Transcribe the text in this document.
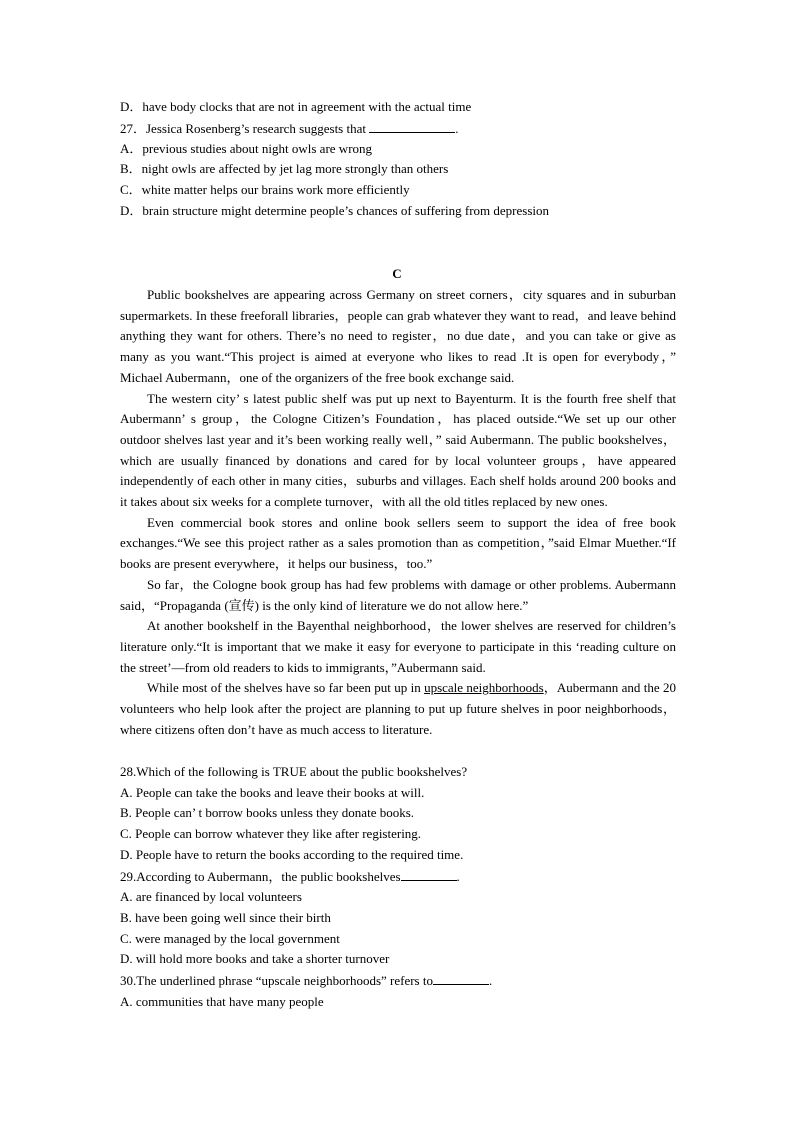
D．have body clocks that are not in agreement with the actual time
27．Jessica Rosenberg’s research suggests that	.
A．previous studies about night owls are wrong
B．night owls are affected by jet lag more strongly than others
C．white matter helps our brains work more efficiently
D．brain structure might determine people’s chances of suffering from depression
C

Public bookshelves are appearing across Germany on street corners，city squares and in suburban supermarkets. In these freeforall libraries，people can grab whatever they want to read，and leave behind anything they want for others. There’s no need to register，no due date，and you can take or give as many as you want.“This project is aimed at everyone who likes to read .It is open for everybody，” Michael Aubermann，one of the organizers of the free book exchange said.

The western city’ s latest public shelf was put up next to Bayenturm. It is the fourth free shelf that Aubermann’ s group，the Cologne Citizen’s Foundation，has placed outside.“We set up our other outdoor shelves last year and it’s been working really well，” said Aubermann. The public bookshelves，which are usually financed by donations and cared for by local volunteer groups，have appeared independently of each other in many cities，suburbs and villages. Each shelf holds around 200 books and it takes about six weeks for a complete turnover，with all the old titles replaced by new ones.

Even commercial book stores and online book sellers seem to support the idea of free book exchanges.“We see this project rather as a sales promotion than as competition，”said Elmar Muether.“If books are present everywhere，it helps our business，too.”

So far，the Cologne book group has had few problems with damage or other problems. Aubermann said，“Propaganda (宣传) is the only kind of literature we do not allow here.”

At another bookshelf in the Bayenthal neighborhood，the lower shelves are reserved for children’s literature only.“It is important that we make it easy for everyone to participate in this ‘reading culture on the street’—from old readers to kids to immigrants，”Aubermann said.

While most of the shelves have so far been put up in upscale neighborhoods，Aubermann and the 20 volunteers who help look after the project are planning to put up future shelves in poor neighborhoods，where citizens often don’t have as much access to literature.

28.Which of the following is TRUE about the public bookshelves?
A. People can take the books and leave their books at will.
B. People can’ t borrow books unless they donate books.
C. People can borrow whatever they like after registering.
D. People have to return the books according to the required time.
29.According to Aubermann，the public bookshelves	.
A. are financed by local volunteers
B. have been going well since their birth
C. were managed by the local government
D. will hold more books and take a shorter turnover
30.The underlined phrase “upscale neighborhoods” refers to	.
A. communities that have many people
